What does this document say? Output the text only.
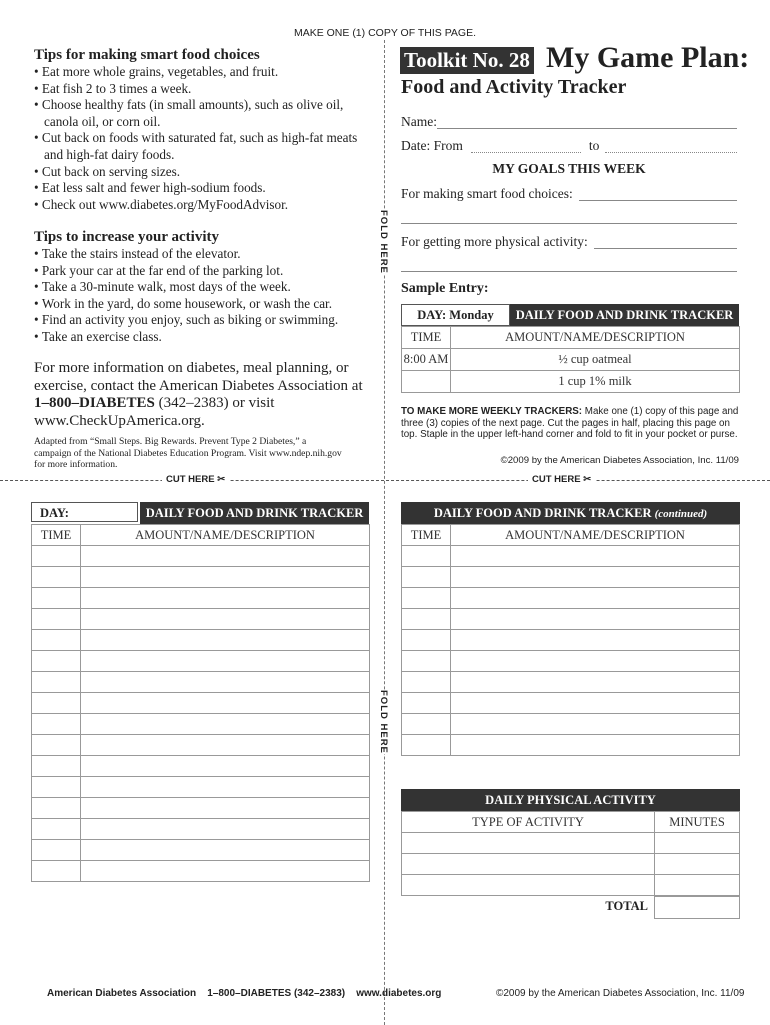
MAKE ONE (1) COPY OF THIS PAGE.
FOLD HERE
FOLD HERE
Tips for making smart food choices
• Eat more whole grains, vegetables, and fruit.
• Eat fish 2 to 3 times a week.
• Choose healthy fats (in small amounts), such as olive oil, canola oil, or corn oil.
• Cut back on foods with saturated fat, such as high-fat meats and high-fat dairy foods.
• Cut back on serving sizes.
• Eat less salt and fewer high-sodium foods.
• Check out www.diabetes.org/MyFoodAdvisor.
Tips to increase your activity
• Take the stairs instead of the elevator.
• Park your car at the far end of the parking lot.
• Take a 30-minute walk, most days of the week.
• Work in the yard, do some housework, or wash the car.
• Find an activity you enjoy, such as biking or swimming.
• Take an exercise class.
For more information on diabetes, meal planning, or exercise, contact the American Diabetes Association at 1–800–DIABETES (342–2383) or visit www.CheckUpAmerica.org.
Adapted from “Small Steps. Big Rewards. Prevent Type 2 Diabetes,” a campaign of the National Diabetes Education Program. Visit www.ndep.nih.gov for more information.
Toolkit No. 28 My Game Plan:
Food and Activity Tracker
Name:
Date: From	to
MY GOALS THIS WEEK
For making smart food choices:
For getting more physical activity:
Sample Entry:
DAY: Monday	DAILY FOOD AND DRINK TRACKER
TIME	AMOUNT/NAME/DESCRIPTION
8:00 AM	½ cup oatmeal
	1 cup 1% milk
TO MAKE MORE WEEKLY TRACKERS: Make one (1) copy of this page and three (3) copies of the next page. Cut the pages in half, placing this page on top. Staple in the upper left-hand corner and fold to fit in your pocket or purse.
©2009 by the American Diabetes Association, Inc. 11/09
CUT HERE ✂	CUT HERE ✂
DAY:	DAILY FOOD AND DRINK TRACKER
TIME	AMOUNT/NAME/DESCRIPTION

DAILY FOOD AND DRINK TRACKER (continued)
TIME	AMOUNT/NAME/DESCRIPTION

DAILY PHYSICAL ACTIVITY
TYPE OF ACTIVITY	MINUTES

TOTAL
American Diabetes Association    1–800–DIABETES (342–2383)    www.diabetes.org	©2009 by the American Diabetes Association, Inc. 11/09
